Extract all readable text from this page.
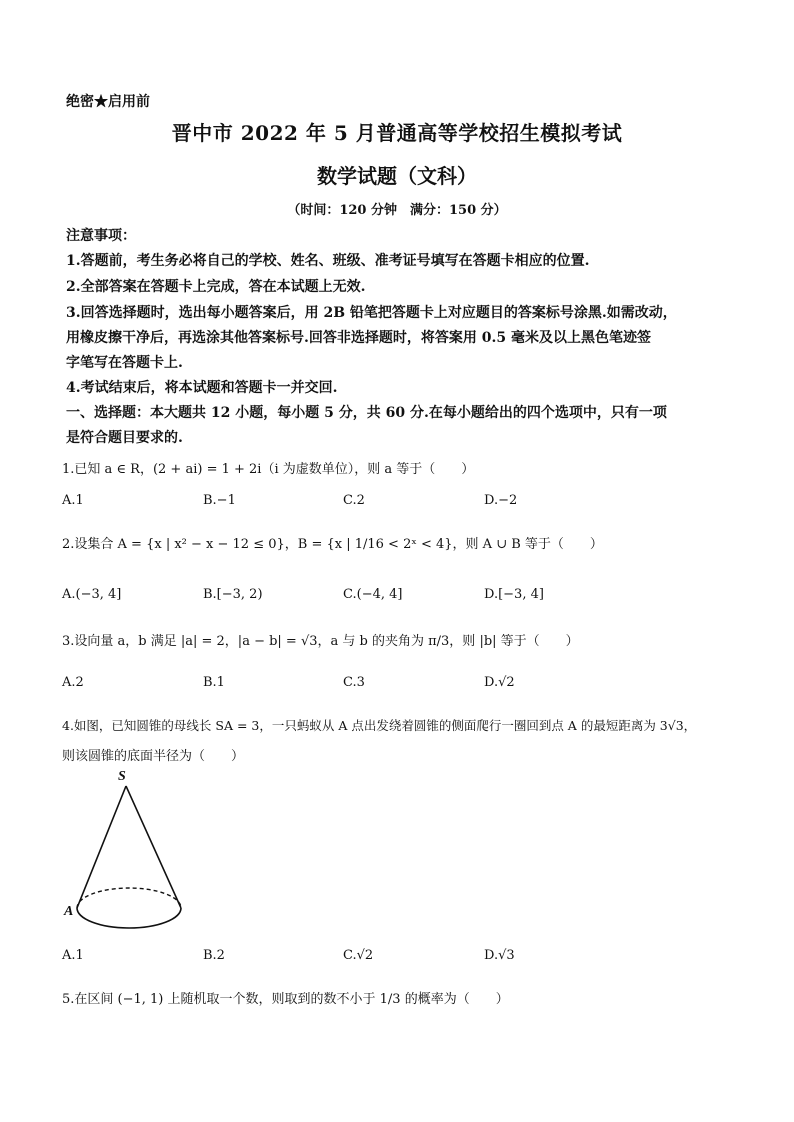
绝密★启用前
晋中市 2022 年 5 月普通高等学校招生模拟考试
数学试题（文科）
（时间：120 分钟　满分：150 分）
注意事项：
1.答题前，考生务必将自己的学校、姓名、班级、准考证号填写在答题卡相应的位置.
2.全部答案在答题卡上完成，答在本试题上无效.
3.回答选择题时，选出每小题答案后，用 2B 铅笔把答题卡上对应题目的答案标号涂黑.如需改动，
用橡皮擦干净后，再选涂其他答案标号.回答非选择题时，将答案用 0.5 毫米及以上黑色笔迹签
字笔写在答题卡上.
4.考试结束后，将本试题和答题卡一并交回.
一、选择题：本大题共 12 小题，每小题 5 分，共 60 分.在每小题给出的四个选项中，只有一项
是符合题目要求的.
1.已知 a ∈ R，(2 + ai) = 1 + 2i（i 为虚数单位），则 a 等于（　　）
A.1	B.−1	C.2	D.−2
2.设集合 A = {x | x² − x − 12 ≤ 0}，B = {x | 1/16 < 2ˣ < 4}，则 A ∪ B 等于（　　）
A.(−3, 4]	B.[−3, 2)	C.(−4, 4]	D.[−3, 4]
3.设向量 a，b 满足 |a| = 2，|a − b| = √3，a 与 b 的夹角为 π/3，则 |b| 等于（　　）
A.2	B.1	C.3	D.√2
4.如图，已知圆锥的母线长 SA = 3，一只蚂蚁从 A 点出发绕着圆锥的侧面爬行一圈回到点 A 的最短距离为 3√3，
则该圆锥的底面半径为（　　）
S
A
A.1	B.2	C.√2	D.√3
5.在区间 (−1, 1) 上随机取一个数，则取到的数不小于 1/3 的概率为（　　）
